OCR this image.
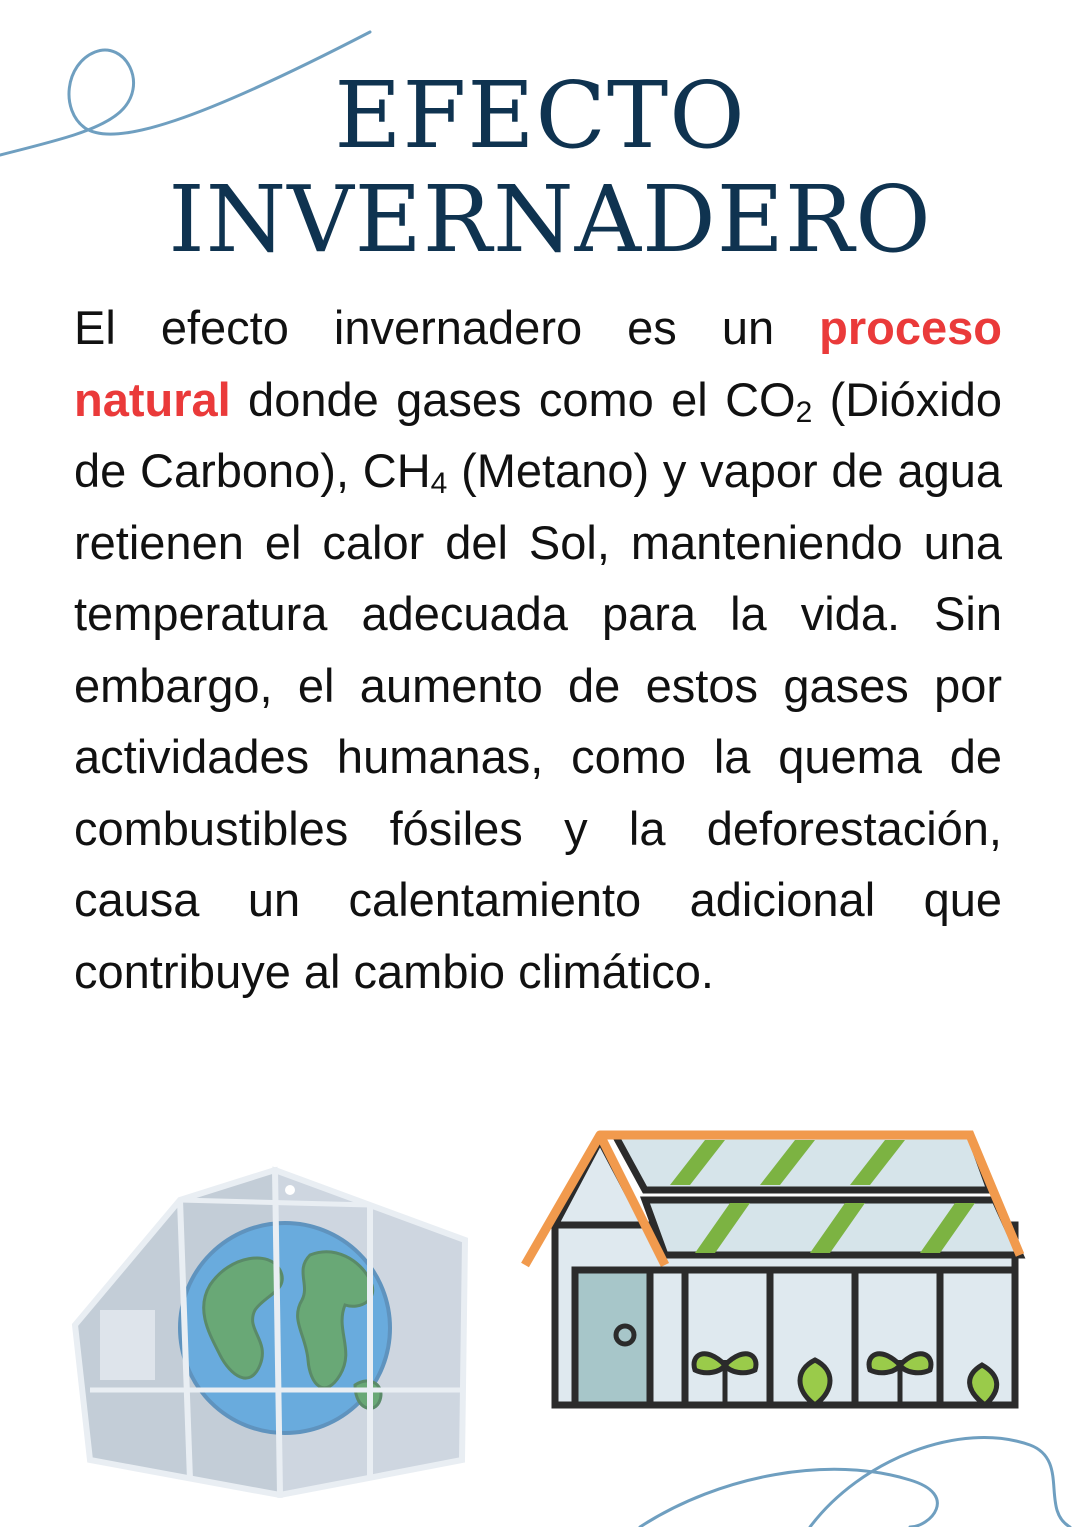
EFECTO
INVERNADERO

El efecto invernadero es un proceso natural donde gases como el $CO_2$ (Dióxido de Carbono), $CH_4$ (Metano) y vapor de agua retienen el calor del Sol, manteniendo una temperatura adecuada para la vida. Sin embargo, el aumento de estos gases por actividades humanas, como la quema de combustibles fósiles y la deforestación, causa un calentamiento adicional que contribuye al cambio climático.
